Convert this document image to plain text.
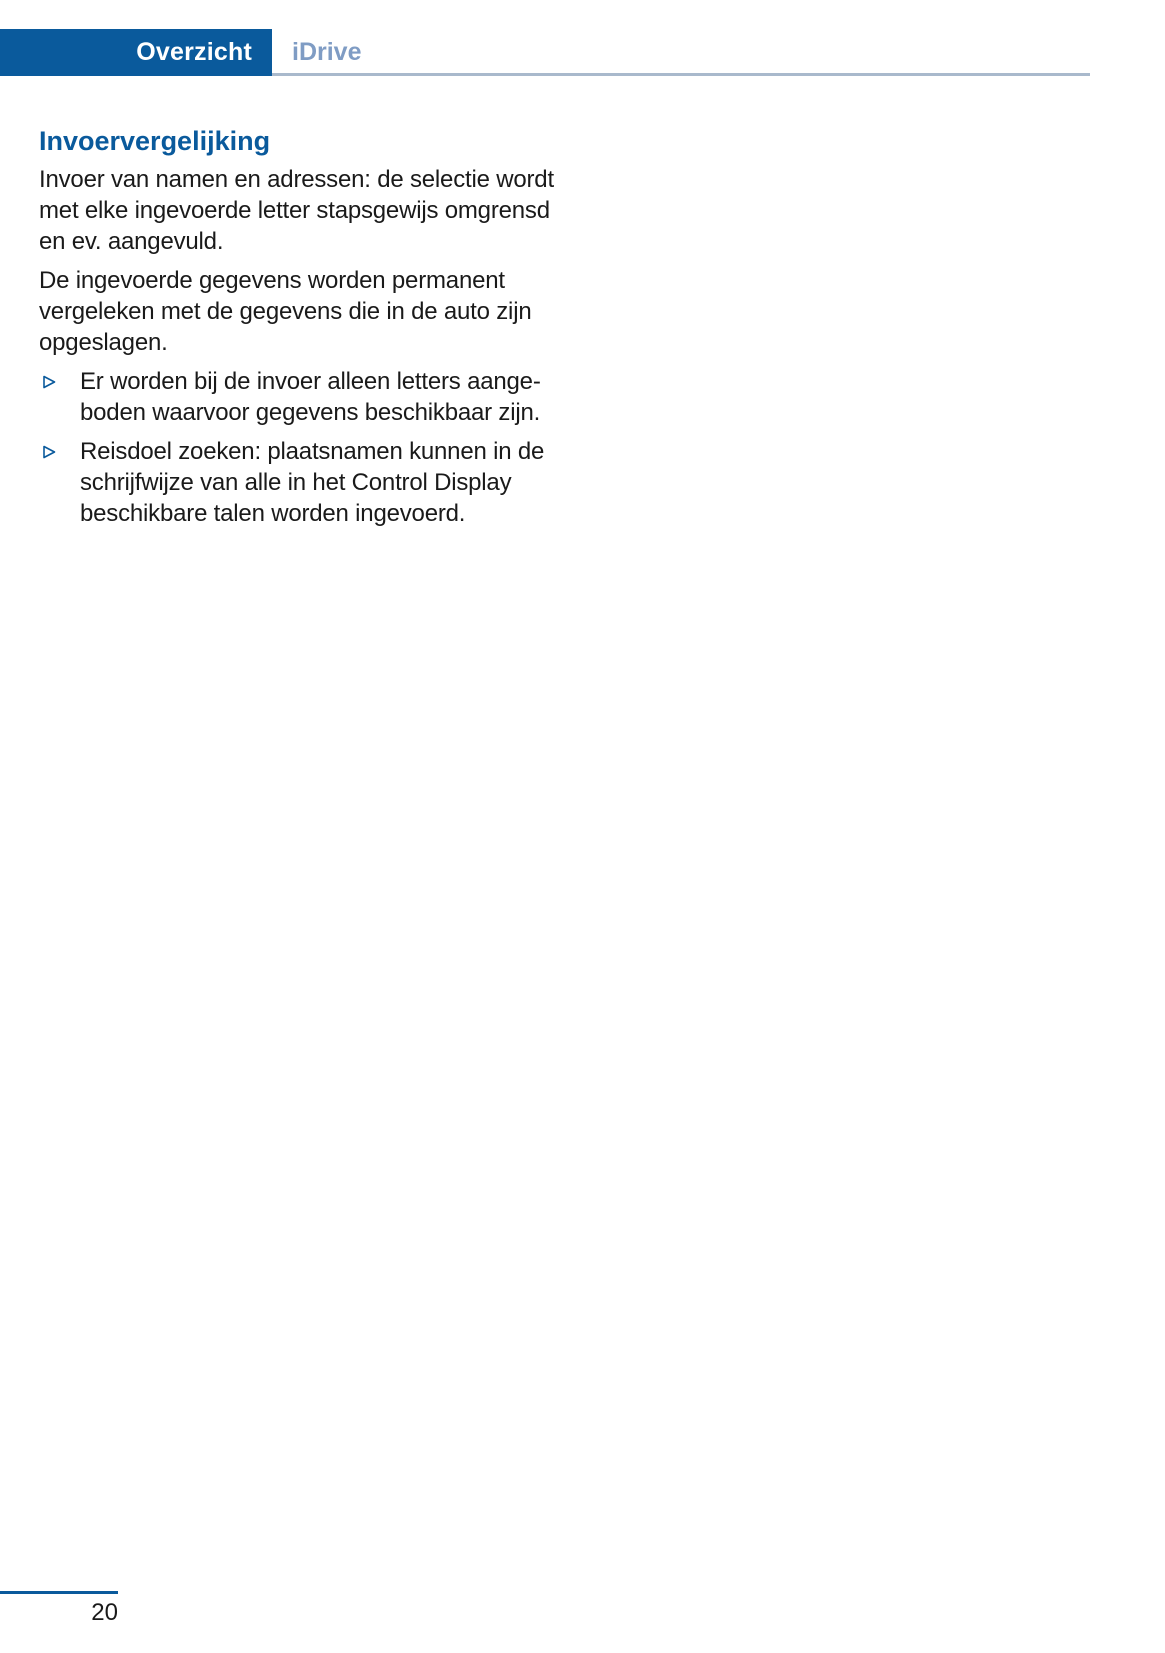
Overzicht iDrive
Invoervergelijking

Invoer van namen en adressen: de selectie wordt met elke ingevoerde letter stapsgewijs omgrensd en ev. aangevuld.

De ingevoerde gegevens worden permanent vergeleken met de gegevens die in de auto zijn opgeslagen.

Er worden bij de invoer alleen letters aangeboden waarvoor gegevens beschikbaar zijn.
Reisdoel zoeken: plaatsnamen kunnen in de schrijfwijze van alle in het Control Display beschikbare talen worden ingevoerd.
20
